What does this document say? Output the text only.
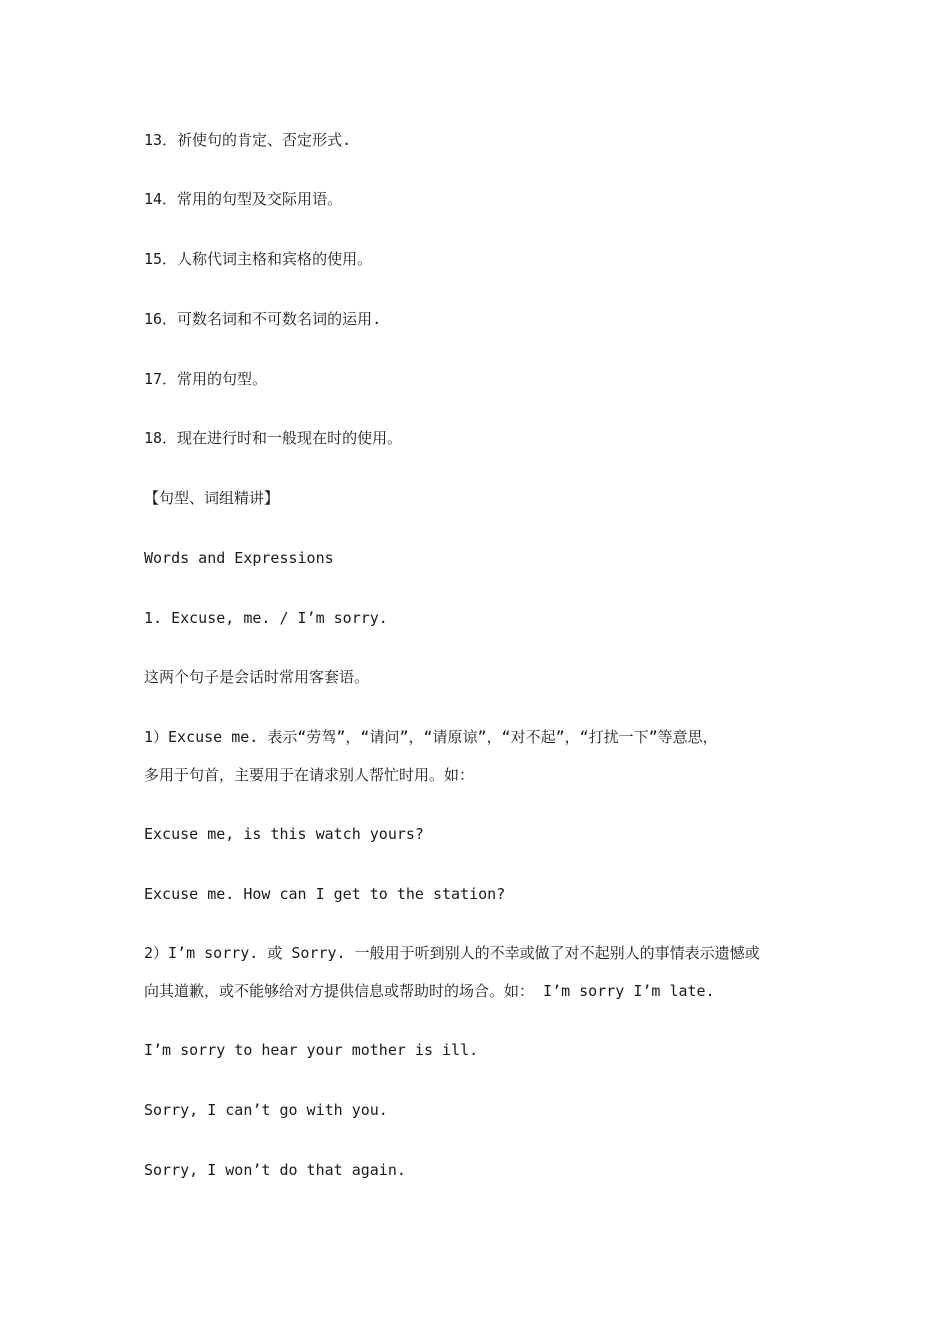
13．祈使句的肯定、否定形式.
14．常用的句型及交际用语。
15．人称代词主格和宾格的使用。
16．可数名词和不可数名词的运用.
17．常用的句型。
18．现在进行时和一般现在时的使用。
【句型、词组精讲】
Words and Expressions
1. Excuse, me. / I’m sorry.
这两个句子是会话时常用客套语。
1）Excuse me. 表示“劳驾”，“请问”，“请原谅”，“对不起”，“打扰一下”等意思，
多用于句首，主要用于在请求别人帮忙时用。如：
Excuse me, is this watch yours?
Excuse me. How can I get to the station?
2）I’m sorry. 或 Sorry. 一般用于听到别人的不幸或做了对不起别人的事情表示遗憾或
向其道歉，或不能够给对方提供信息或帮助时的场合。如： I’m sorry I’m late.
I’m sorry to hear your mother is ill.
Sorry, I can’t go with you.
Sorry, I won’t do that again.
